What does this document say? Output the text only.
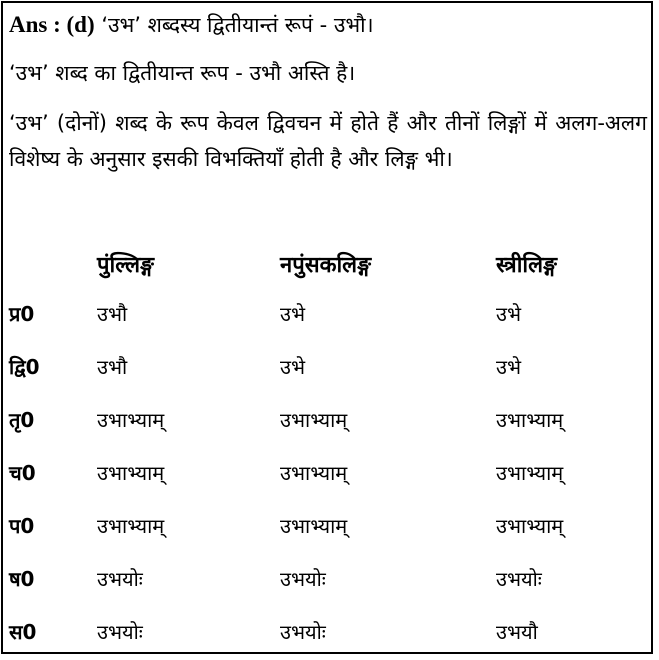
Ans : (d) ‘उभ’ शब्दस्य द्वितीयान्तं रूपं - उभौ।
‘उभ’ शब्द का द्वितीयान्त रूप - उभौ अस्ति है।
‘उभ’ (दोनों) शब्द के रूप केवल द्विवचन में होते हैं और तीनों लिङ्गों में अलग-अलग विशेष्य के अनुसार इसकी विभक्तियाँ होती है और लिङ्ग भी।
	पुंल्लिङ्ग	नपुंसकलिङ्ग	स्त्रीलिङ्ग
प्र0	उभौ	उभे	उभे
द्वि0	उभौ	उभे	उभे
तृ0	उभाभ्याम्	उभाभ्याम्	उभाभ्याम्
च0	उभाभ्याम्	उभाभ्याम्	उभाभ्याम्
प0	उभाभ्याम्	उभाभ्याम्	उभाभ्याम्
ष0	उभयोः	उभयोः	उभयोः
स0	उभयोः	उभयोः	उभयौ
